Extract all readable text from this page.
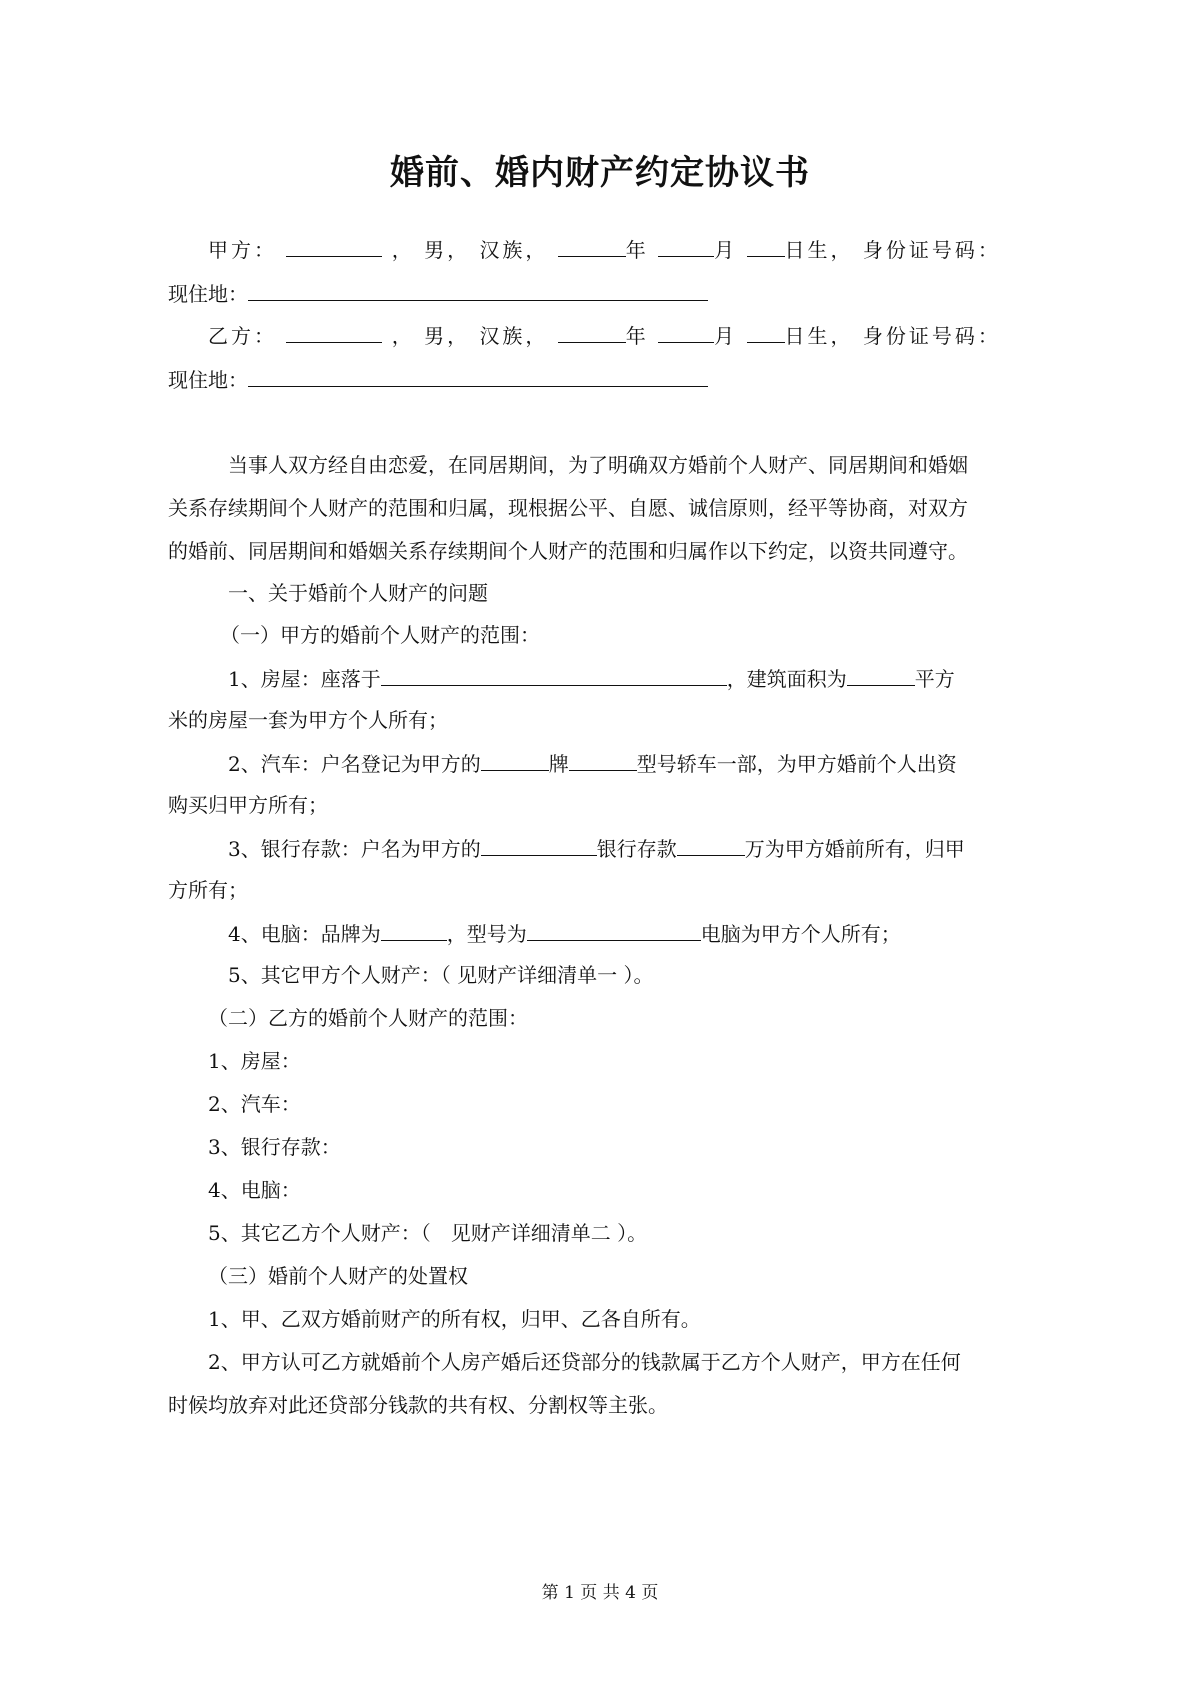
婚前、婚内财产约定协议书
甲方：	， 男， 汉族，	年	月 日生， 身份证号码：
现住地：
乙方：	， 男， 汉族，	年	月 日生， 身份证号码：
现住地：
当事人双方经自由恋爱，在同居期间，为了明确双方婚前个人财产、同居期间和婚姻
关系存续期间个人财产的范围和归属，现根据公平、自愿、诚信原则，经平等协商，对双方
的婚前、同居期间和婚姻关系存续期间个人财产的范围和归属作以下约定，以资共同遵守。
一、关于婚前个人财产的问题
（一）甲方的婚前个人财产的范围：
1、房屋：座落于	，建筑面积为	平方
米的房屋一套为甲方个人所有；
2、汽车：户名登记为甲方的	牌	型号轿车一部，为甲方婚前个人出资
购买归甲方所有；
3、银行存款：户名为甲方的	银行存款	万为甲方婚前所有，归甲
方所有；
4、电脑：品牌为	，型号为	电脑为甲方个人所有；
5、其它甲方个人财产：（ 见财产详细清单一 ）。
（二）乙方的婚前个人财产的范围：
1、房屋：
2、汽车：
3、银行存款：
4、电脑：
5、其它乙方个人财产：（　见财产详细清单二 ）。
（三）婚前个人财产的处置权
1、甲、乙双方婚前财产的所有权，归甲、乙各自所有。
2、甲方认可乙方就婚前个人房产婚后还贷部分的钱款属于乙方个人财产，甲方在任何
时候均放弃对此还贷部分钱款的共有权、分割权等主张。
第 1 页 共 4 页
